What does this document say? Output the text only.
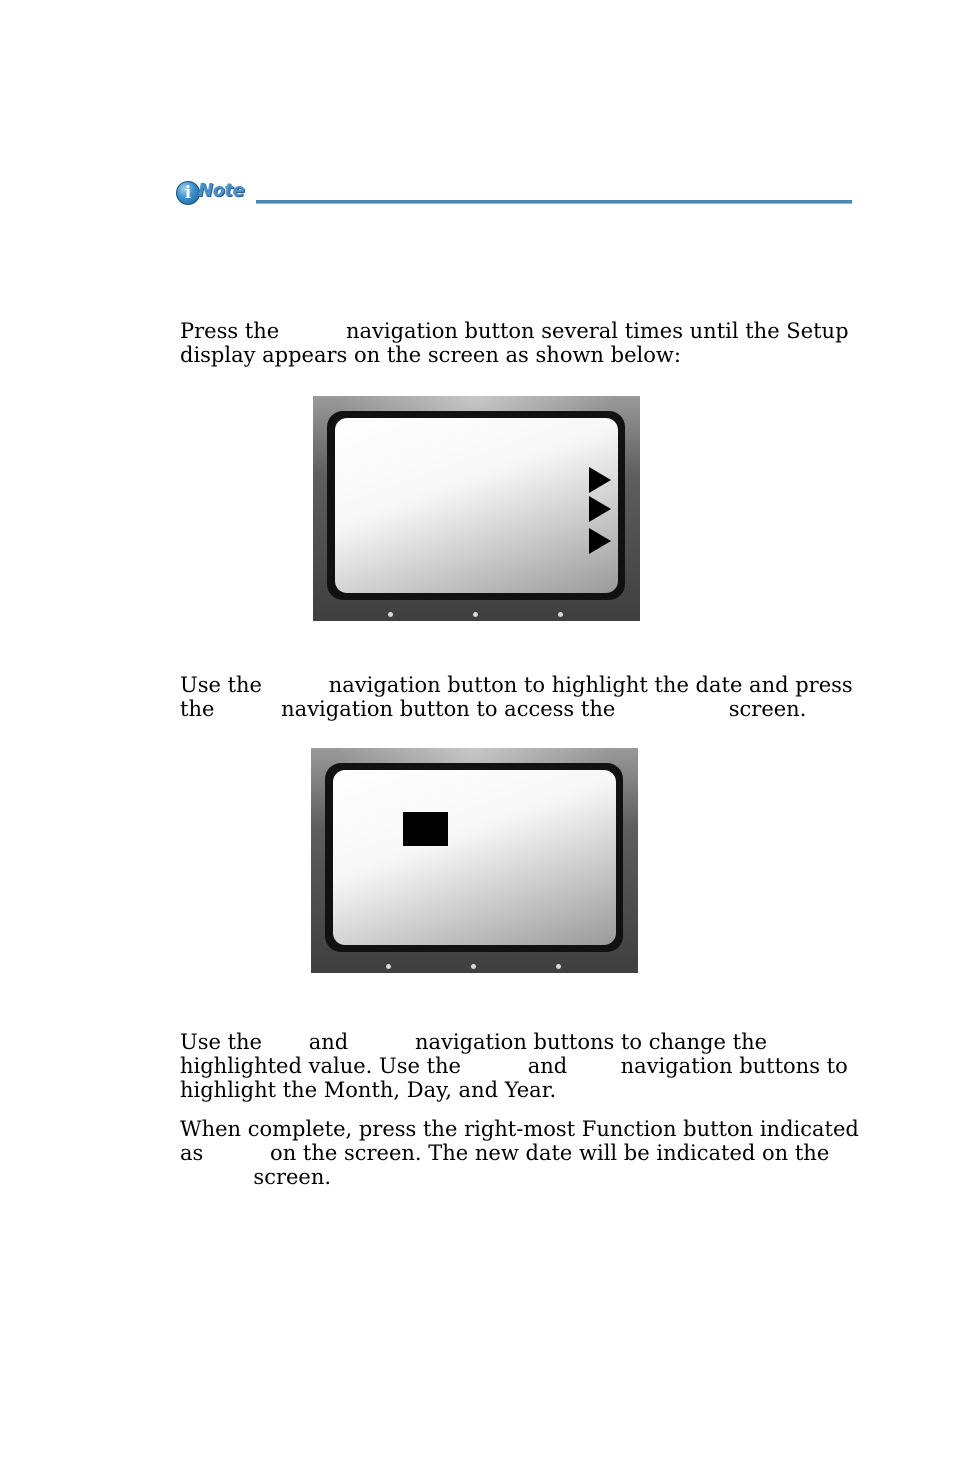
i
Note

Press the          navigation button several times until the Setup

display appears on the screen as shown below:

Use the          navigation button to highlight the date and press

the          navigation button to access the                 screen.

Use the       and          navigation buttons to change the

highlighted value. Use the          and        navigation buttons to

highlight the Month, Day, and Year.

When complete, press the right-most Function button indicated

as          on the screen. The new date will be indicated on the

screen.
